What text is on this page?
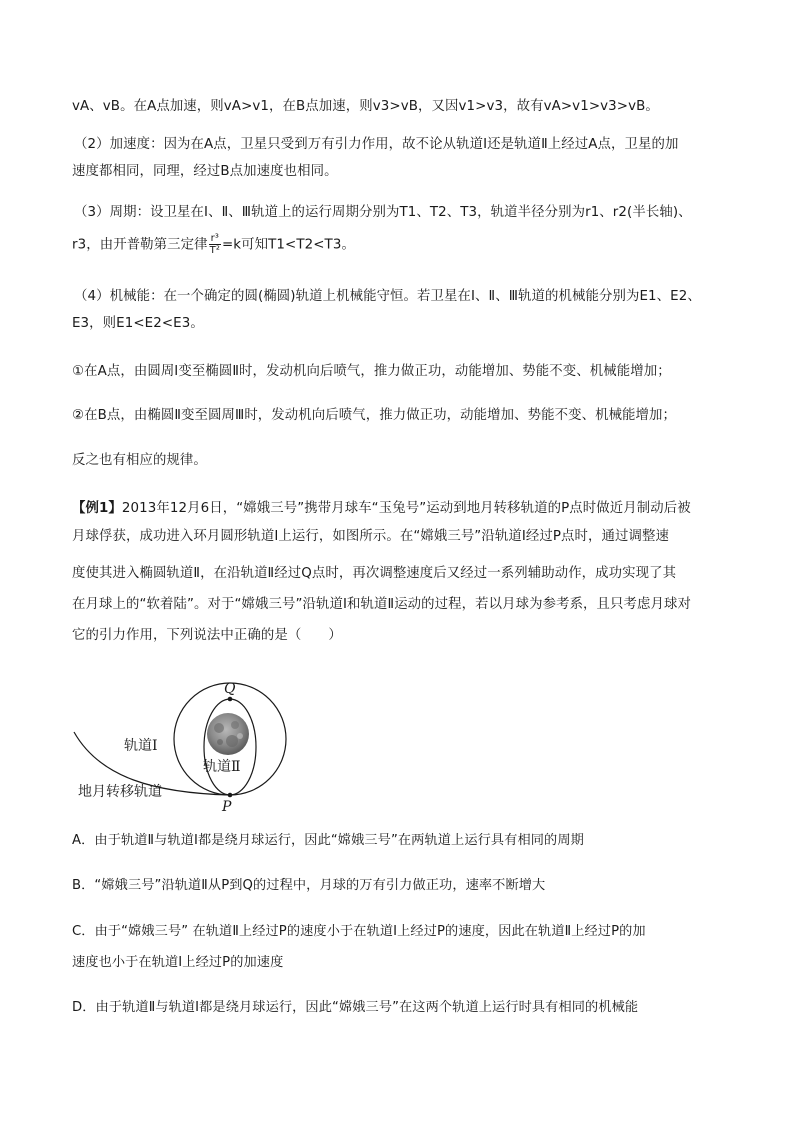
vA、vB。在A点加速，则vA>v1，在B点加速，则v3>vB，又因v1>v3，故有vA>v1>v3>vB。
（2）加速度：因为在A点，卫星只受到万有引力作用，故不论从轨道Ⅰ还是轨道Ⅱ上经过A点，卫星的加
速度都相同，同理，经过B点加速度也相同。
（3）周期：设卫星在Ⅰ、Ⅱ、Ⅲ轨道上的运行周期分别为T1、T2、T3，轨道半径分别为r1、r2(半长轴)、
r3，由开普勒第三定律 $\frac{\text{r³}}{\text{T²}} =k$可知T1<T2<T3。
（4）机械能：在一个确定的圆(椭圆)轨道上机械能守恒。若卫星在Ⅰ、Ⅱ、Ⅲ轨道的机械能分别为E1、E2、
E3，则E1<E2<E3。
①在A点，由圆周Ⅰ变至椭圆Ⅱ时，发动机向后喷气，推力做正功，动能增加、势能不变、机械能增加；
②在B点，由椭圆Ⅱ变至圆周Ⅲ时，发动机向后喷气，推力做正功，动能增加、势能不变、机械能增加；
反之也有相应的规律。
【例1】2013年12月6日，“嫦娥三号”携带月球车“玉兔号”运动到地月转移轨道的P点时做近月制动后被
月球俘获，成功进入环月圆形轨道Ⅰ上运行，如图所示。在“嫦娥三号”沿轨道Ⅰ经过P点时，通过调整速
度使其进入椭圆轨道Ⅱ，在沿轨道Ⅱ经过Q点时，再次调整速度后又经过一系列辅助动作，成功实现了其
在月球上的“软着陆”。对于“嫦娥三号”沿轨道Ⅰ和轨道Ⅱ运动的过程，若以月球为参考系，且只考虑月球对
它的引力作用，下列说法中正确的是（　　）
Q
P
轨道Ⅰ
轨道Ⅱ
地月转移轨道
A．由于轨道Ⅱ与轨道Ⅰ都是绕月球运行，因此“嫦娥三号”在两轨道上运行具有相同的周期
B．“嫦娥三号”沿轨道Ⅱ从P到Q的过程中，月球的万有引力做正功，速率不断增大
C．由于“嫦娥三号” 在轨道Ⅱ上经过P的速度小于在轨道Ⅰ上经过P的速度，因此在轨道Ⅱ上经过P的加
速度也小于在轨道Ⅰ上经过P的加速度
D．由于轨道Ⅱ与轨道Ⅰ都是绕月球运行，因此“嫦娥三号”在这两个轨道上运行时具有相同的机械能
